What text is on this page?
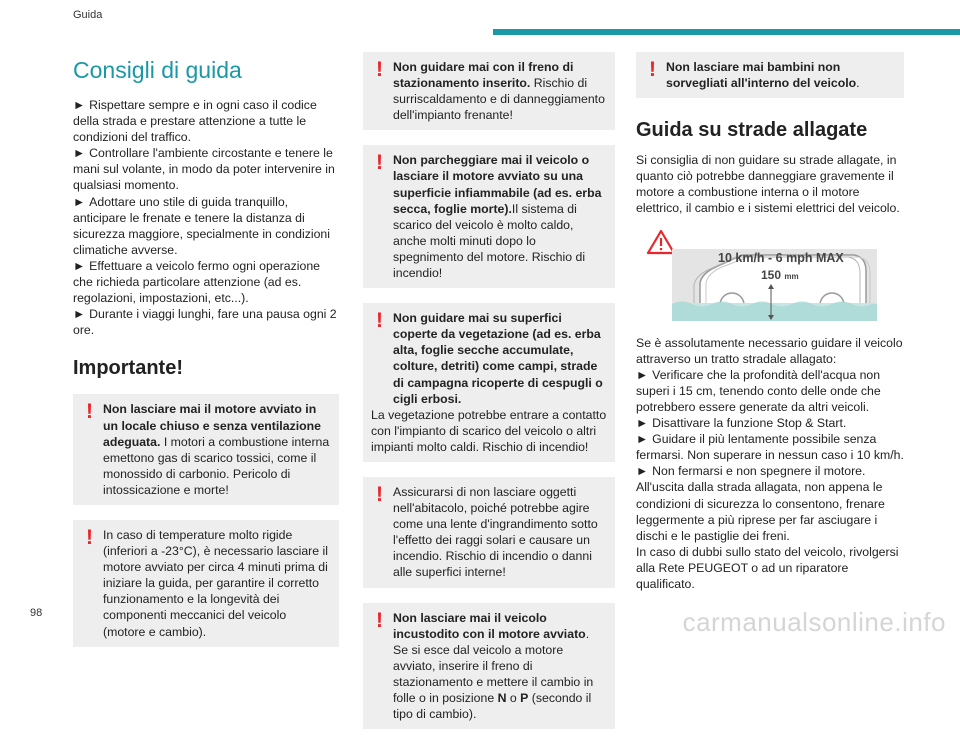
Guida
Consigli di guida

► Rispettare sempre e in ogni caso il codice della strada e prestare attenzione a tutte le condizioni del traffico.

► Controllare l'ambiente circostante e tenere le mani sul volante, in modo da poter intervenire in qualsiasi momento.

► Adottare uno stile di guida tranquillo, anticipare le frenate e tenere la distanza di sicurezza maggiore, specialmente in condizioni climatiche avverse.

► Effettuare a veicolo fermo ogni operazione che richieda particolare attenzione (ad es. regolazioni, impostazioni, etc...).

► Durante i viaggi lunghi, fare una pausa ogni 2 ore.

Importante!
! Non lasciare mai il motore avviato in un locale chiuso e senza ventilazione adeguata. I motori a combustione interna emettono gas di scarico tossici, come il monossido di carbonio. Pericolo di intossicazione e morte!

! In caso di temperature molto rigide (inferiori a -23°C), è necessario lasciare il motore avviato per circa 4 minuti prima di iniziare la guida, per garantire il corretto funzionamento e la longevità dei componenti meccanici del veicolo (motore e cambio).

! Non guidare mai con il freno di stazionamento inserito. Rischio di surriscaldamento e di danneggiamento dell'impianto frenante!

! Non parcheggiare mai il veicolo o lasciare il motore avviato su una superficie infiammabile (ad es. erba secca, foglie morte).Il sistema di scarico del veicolo è molto caldo, anche molti minuti dopo lo spegnimento del motore. Rischio di incendio!

! Non guidare mai su superfici coperte da vegetazione (ad es. erba alta, foglie secche accumulate, colture, detriti) come campi, strade di campagna ricoperte di cespugli o cigli erbosi.

La vegetazione potrebbe entrare a contatto con l'impianto di scarico del veicolo o altri impianti molto caldi. Rischio di incendio!

! Assicurarsi di non lasciare oggetti nell'abitacolo, poiché potrebbe agire come una lente d'ingrandimento sotto l'effetto dei raggi solari e causare un incendio. Rischio di incendio o danni alle superfici interne!

! Non lasciare mai il veicolo incustodito con il motore avviato. Se si esce dal veicolo a motore avviato, inserire il freno di stazionamento e mettere il cambio in folle o in posizione N o P (secondo il tipo di cambio).

! Non lasciare mai bambini non sorvegliati all'interno del veicolo.

Guida su strade allagate

Si consiglia di non guidare su strade allagate, in quanto ciò potrebbe danneggiare gravemente il motore a combustione interna o il motore elettrico, il cambio e i sistemi elettrici del veicolo.

10 km/h - 6 mph MAX
150 mm

Se è assolutamente necessario guidare il veicolo attraverso un tratto stradale allagato:

► Verificare che la profondità dell'acqua non superi i 15 cm, tenendo conto delle onde che potrebbero essere generate da altri veicoli.

► Disattivare la funzione Stop & Start.

► Guidare il più lentamente possibile senza fermarsi. Non superare in nessun caso i 10 km/h.

► Non fermarsi e non spegnere il motore.

All'uscita dalla strada allagata, non appena le condizioni di sicurezza lo consentono, frenare leggermente a più riprese per far asciugare i dischi e le pastiglie dei freni.

In caso di dubbi sullo stato del veicolo, rivolgersi alla Rete PEUGEOT o ad un riparatore qualificato.

98	carmanualsonline.info
